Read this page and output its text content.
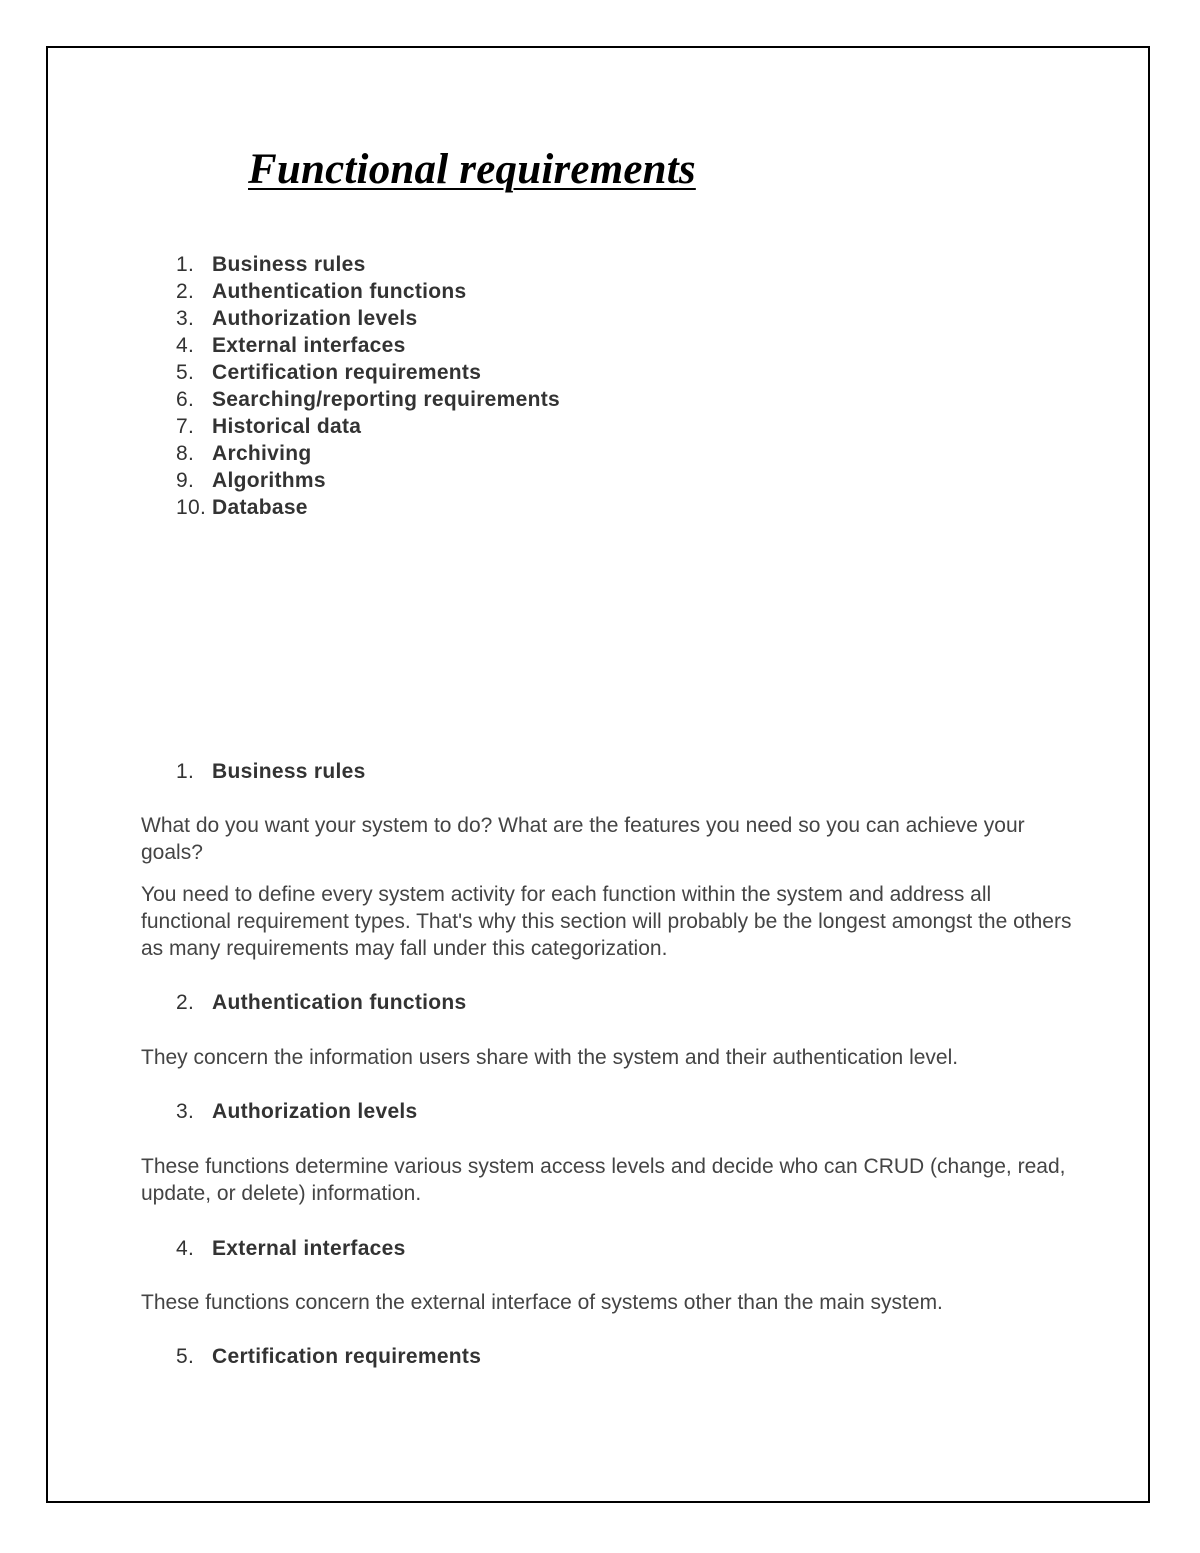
Functional requirements
1. Business rules
2. Authentication functions
3. Authorization levels
4. External interfaces
5. Certification requirements
6. Searching/reporting requirements
7. Historical data
8. Archiving
9. Algorithms
10. Database
1. Business rules

What do you want your system to do? What are the features you need so you can achieve your goals?

You need to define every system activity for each function within the system and address all functional requirement types. That's why this section will probably be the longest amongst the others as many requirements may fall under this categorization.

2. Authentication functions

They concern the information users share with the system and their authentication level.

3. Authorization levels

These functions determine various system access levels and decide who can CRUD (change, read, update, or delete) information.

4. External interfaces

These functions concern the external interface of systems other than the main system.

5. Certification requirements
